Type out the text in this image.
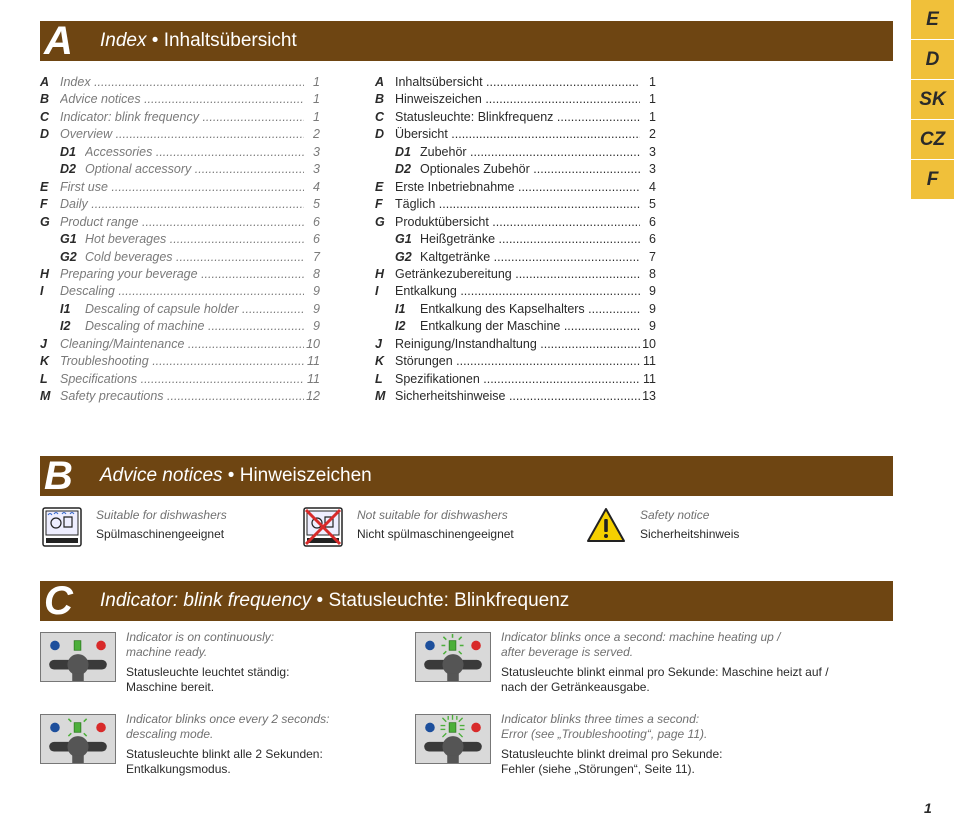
E
D
SK
CZ
F
A Index • Inhaltsübersicht
A Index .....	1
B Advice notices .....	1
C Indicator: blink frequency .....	1
D Overview .....	2
D1 Accessories .....	3
D2 Optional accessory .....	3
E First use .....	4
F Daily .....	5
G Product range .....	6
G1 Hot beverages .....	6
G2 Cold beverages .....	7
H Preparing your beverage .....	8
I Descaling .....	9
I1 Descaling of capsule holder .....	9
I2 Descaling of machine .....	9
J Cleaning/Maintenance .....	10
K Troubleshooting .....	11
L Specifications .....	11
M Safety precautions .....	12
A Inhaltsübersicht .....	1
B Hinweiszeichen .....	1
C Statusleuchte: Blinkfrequenz .....	1
D Übersicht .....	2
D1 Zubehör .....	3
D2 Optionales Zubehör .....	3
E Erste Inbetriebnahme .....	4
F Täglich .....	5
G Produktübersicht .....	6
G1 Heißgetränke .....	6
G2 Kaltgetränke .....	7
H Getränkezubereitung .....	8
I Entkalkung .....	9
I1 Entkalkung des Kapselhalters .....	9
I2 Entkalkung der Maschine .....	9
J Reinigung/Instandhaltung .....	10
K Störungen .....	11
L Spezifikationen .....	11
M Sicherheitshinweise .....	13
B Advice notices • Hinweiszeichen
Suitable for dishwashers
Spülmaschinengeeignet
Not suitable for dishwashers
Nicht spülmaschinengeeignet
Safety notice
Sicherheitshinweis
C Indicator: blink frequency • Statusleuchte: Blinkfrequenz
Indicator is on continuously:
machine ready.
Statusleuchte leuchtet ständig:
Maschine bereit.
Indicator blinks once a second: machine heating up /
after beverage is served.
Statusleuchte blinkt einmal pro Sekunde: Maschine heizt auf /
nach der Getränkeausgabe.
Indicator blinks once every 2 seconds:
descaling mode.
Statusleuchte blinkt alle 2 Sekunden:
Entkalkungsmodus.
Indicator blinks three times a second:
Error (see „Troubleshooting“, page 11).
Statusleuchte blinkt dreimal pro Sekunde:
Fehler (siehe „Störungen“, Seite 11).
1
